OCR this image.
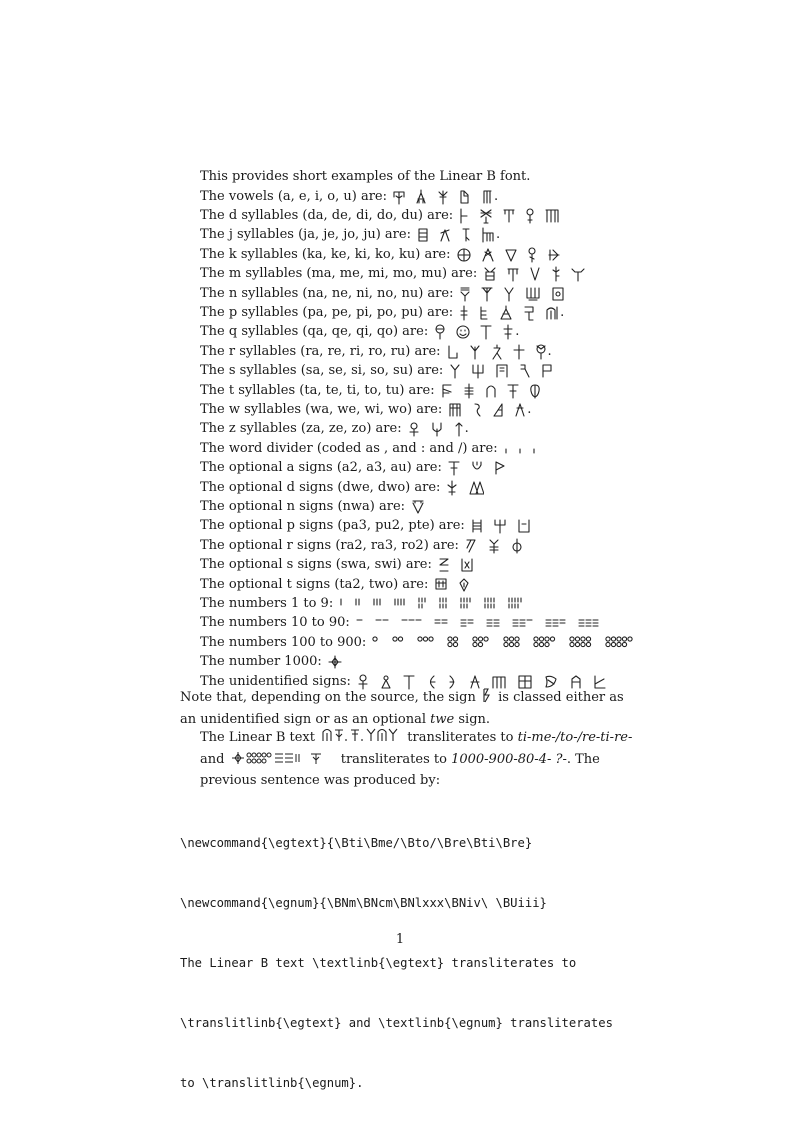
This provides short examples of the Linear B font.
The vowels (a, e, i, o, u) are:	.
The d syllables (da, de, di, do, du) are:
The j syllables (ja, je, jo, ju) are:	.
The k syllables (ka, ke, ki, ko, ku) are:
The m syllables (ma, me, mi, mo, mu) are:
The n syllables (na, ne, ni, no, nu) are:
The p syllables (pa, pe, pi, po, pu) are:	.
The q syllables (qa, qe, qi, qo) are:	.
The r syllables (ra, re, ri, ro, ru) are:	.
The s syllables (sa, se, si, so, su) are:
The t syllables (ta, te, ti, to, tu) are:
The w syllables (wa, we, wi, wo) are:	.
The z syllables (za, ze, zo) are:	.
The word divider (coded as , and : and /) are:
The optional a signs (a2, a3, au) are:
The optional d signs (dwe, dwo) are:
The optional n signs (nwa) are:
The optional p signs (pa3, pu2, pte) are:
The optional r signs (ra2, ra3, ro2) are:
The optional s signs (swa, swi) are:
The optional t signs (ta2, two) are:
The numbers 1 to 9:
The numbers 10 to 90:
The numbers 100 to 900:
The number 1000:
The unidentified signs:
Note that, depending on the source, the sign is classed either as an unidentified sign or as an optional twe sign.
The Linear B text	transliterates to ti-me-/to-/re-ti-re- and	transliterates to 1000-900-80-4- ?-. The previous sentence was produced by:

\newcommand{\egtext}{\Bti\Bme/\Bto/\Bre\Bti\Bre}

\newcommand{\egnum}{\BNm\BNcm\BNlxxx\BNiv\ \BUiii}

The Linear B text \textlinb{\egtext} transliterates to

\translitlinb{\egtext} and \textlinb{\egnum} transliterates

to \translitlinb{\egnum}.

1
